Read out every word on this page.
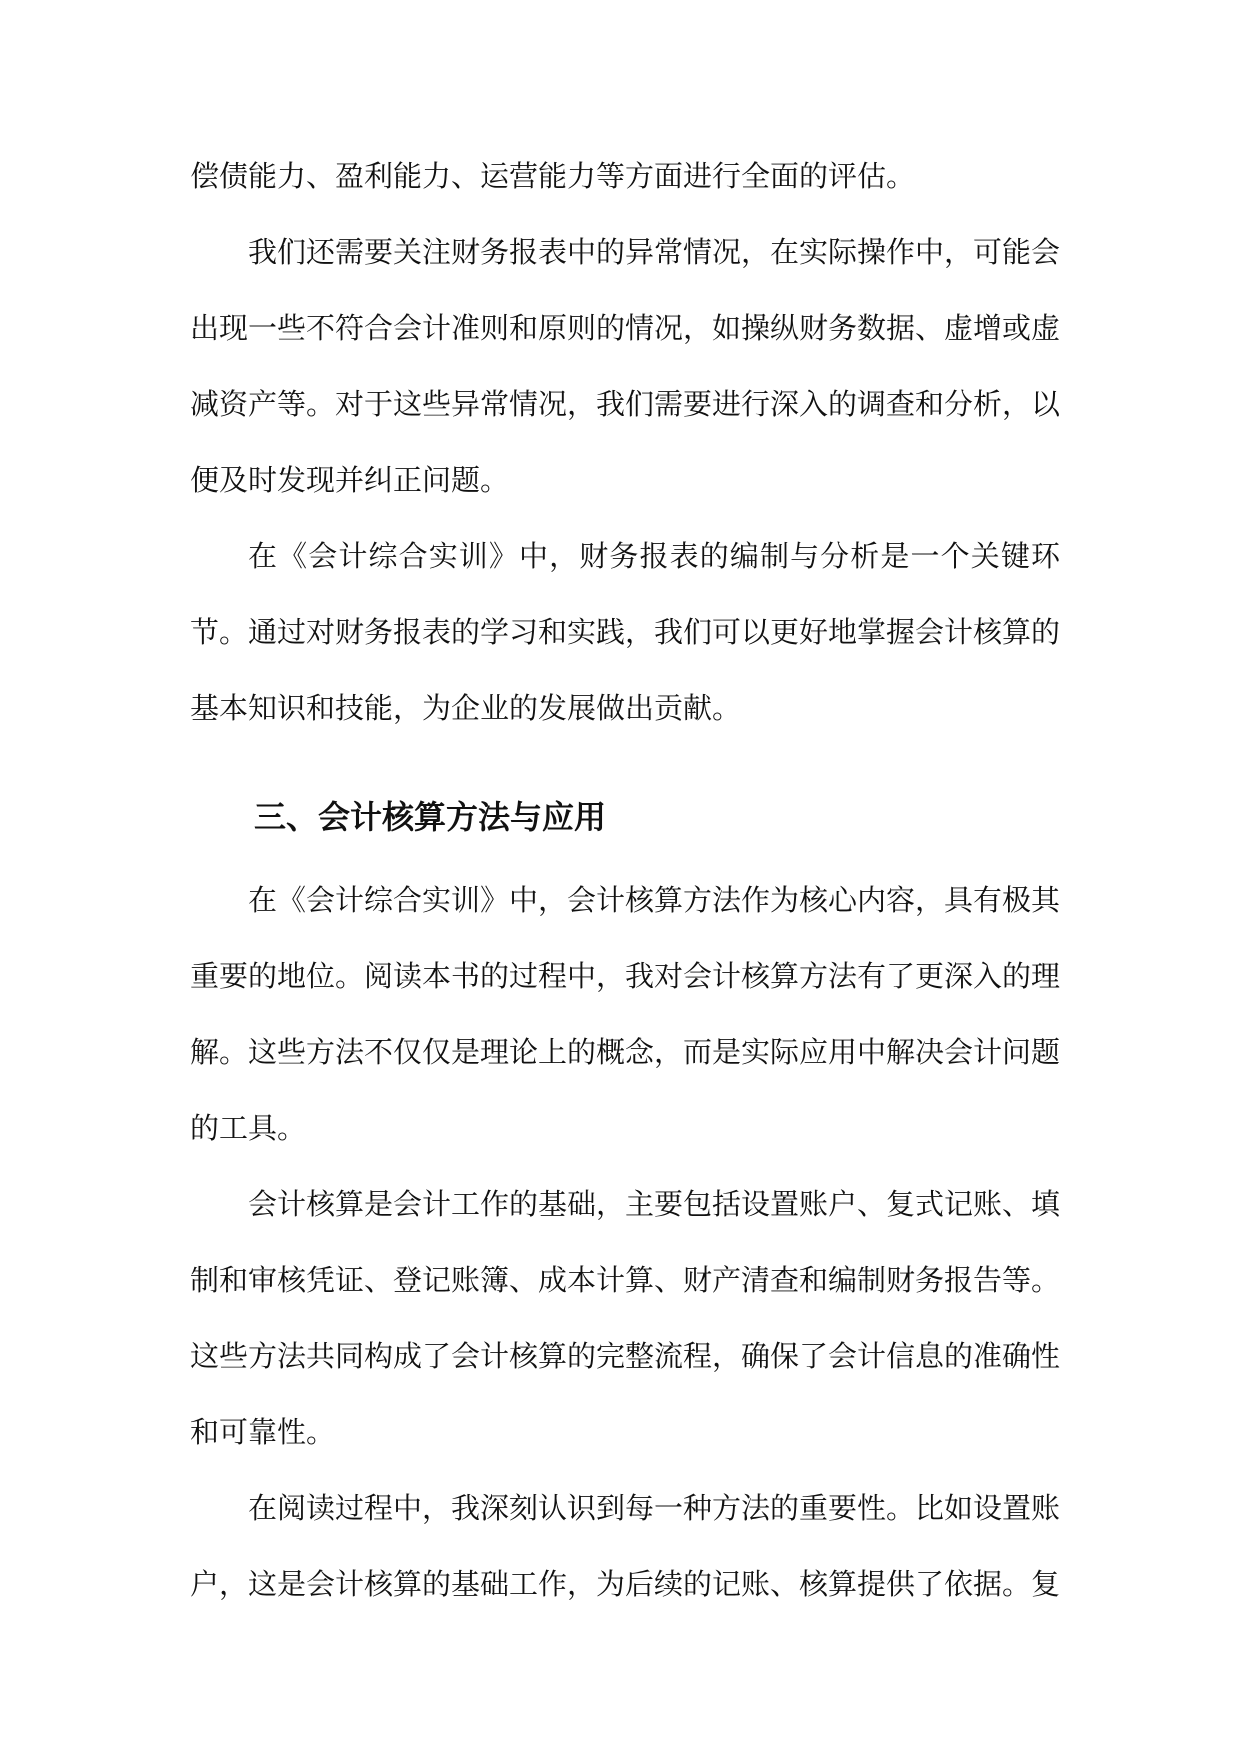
偿债能力、盈利能力、运营能力等方面进行全面的评估。

我们还需要关注财务报表中的异常情况，在实际操作中，可能会出现一些不符合会计准则和原则的情况，如操纵财务数据、虚增或虚减资产等。对于这些异常情况，我们需要进行深入的调查和分析，以便及时发现并纠正问题。

在《会计综合实训》中，财务报表的编制与分析是一个关键环节。通过对财务报表的学习和实践，我们可以更好地掌握会计核算的基本知识和技能，为企业的发展做出贡献。

三、会计核算方法与应用

在《会计综合实训》中，会计核算方法作为核心内容，具有极其重要的地位。阅读本书的过程中，我对会计核算方法有了更深入的理解。这些方法不仅仅是理论上的概念，而是实际应用中解决会计问题的工具。

会计核算是会计工作的基础，主要包括设置账户、复式记账、填制和审核凭证、登记账簿、成本计算、财产清查和编制财务报告等。这些方法共同构成了会计核算的完整流程，确保了会计信息的准确性和可靠性。

在阅读过程中，我深刻认识到每一种方法的重要性。比如设置账户，这是会计核算的基础工作，为后续的记账、核算提供了依据。复
